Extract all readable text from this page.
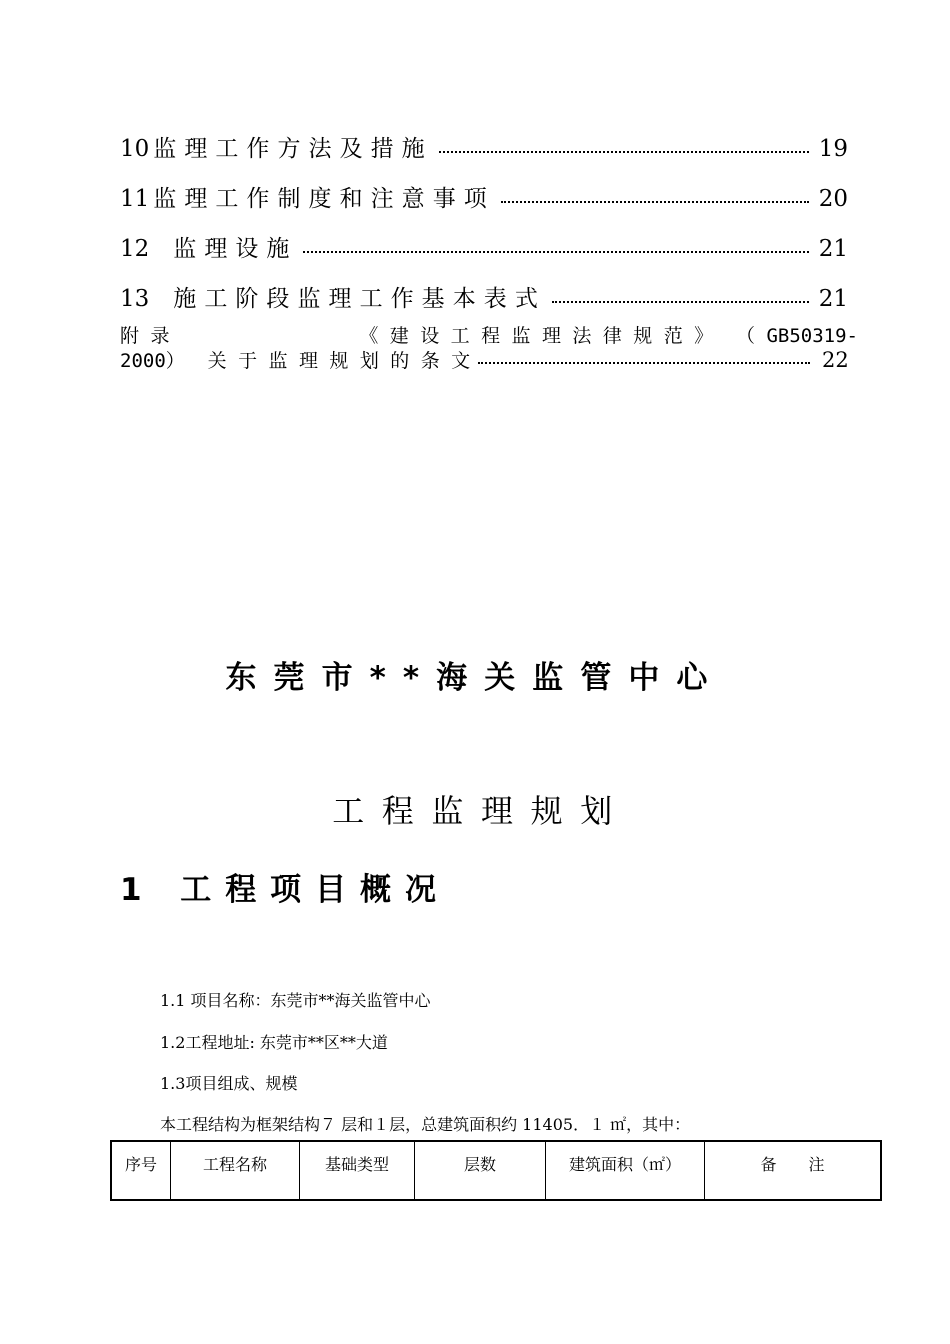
10 监理工作方法及措施	19
11 监理工作制度和注意事项	20
12 监理设施	21
13 施工阶段监理工作基本表式	21
附 录	《 建 设 工 程 监 理 法 律 规 范 》  （ GB50319-
2000）  关 于 监 理 规 划 的 条 文	22
东莞市**海关监管中心
工程监理规划
1 工程项目概况
1.1 项目名称：东莞市**海关监管中心
1.2工程地址: 东莞市**区**大道
1.3项目组成、规模
本工程结构为框架结构７ 层和１层，总建筑面积约 11405．１ ㎡，其中：
序号	工程名称	基础类型	层数	建筑面积（㎡）	备　　注
